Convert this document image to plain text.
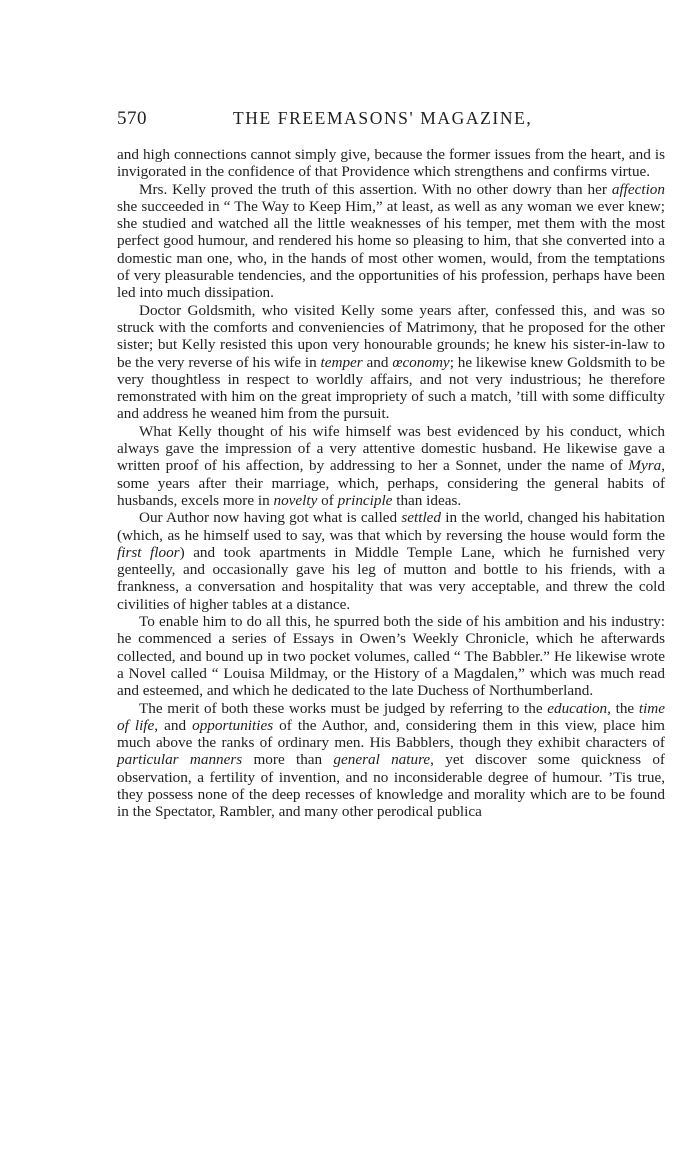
570	THE FREEMASONS' MAGAZINE,

and high connections cannot simply give, because the former issues from the heart, and is invigorated in the confidence of that Providence which strengthens and confirms virtue.

Mrs. Kelly proved the truth of this assertion. With no other dowry than her affection she succeeded in “ The Way to Keep Him,” at least, as well as any woman we ever knew; she studied and watched all the little weaknesses of his temper, met them with the most perfect good humour, and rendered his home so pleasing to him, that she converted into a domestic man one, who, in the hands of most other women, would, from the temptations of very pleasurable tendencies, and the opportunities of his profession, perhaps have been led into much dissipation.

Doctor Goldsmith, who visited Kelly some years after, confessed this, and was so struck with the comforts and conveniencies of Matrimony, that he proposed for the other sister; but Kelly resisted this upon very honourable grounds; he knew his sister-in-law to be the very reverse of his wife in temper and œconomy; he likewise knew Goldsmith to be very thoughtless in respect to worldly affairs, and not very industrious; he therefore remonstrated with him on the great impropriety of such a match, ’till with some difficulty and address he weaned him from the pursuit.

What Kelly thought of his wife himself was best evidenced by his conduct, which always gave the impression of a very attentive domestic husband. He likewise gave a written proof of his affection, by addressing to her a Sonnet, under the name of Myra, some years after their marriage, which, perhaps, considering the general habits of husbands, excels more in novelty of principle than ideas.

Our Author now having got what is called settled in the world, changed his habitation (which, as he himself used to say, was that which by reversing the house would form the first floor) and took apartments in Middle Temple Lane, which he furnished very genteelly, and occasionally gave his leg of mutton and bottle to his friends, with a frankness, a conversation and hospitality that was very acceptable, and threw the cold civilities of higher tables at a distance.

To enable him to do all this, he spurred both the side of his ambition and his industry: he commenced a series of Essays in Owen’s Weekly Chronicle, which he afterwards collected, and bound up in two pocket volumes, called “ The Babbler.” He likewise wrote a Novel called “ Louisa Mildmay, or the History of a Magdalen,” which was much read and esteemed, and which he dedicated to the late Duchess of Northumberland.

The merit of both these works must be judged by referring to the education, the time of life, and opportunities of the Author, and, considering them in this view, place him much above the ranks of ordinary men. His Babblers, though they exhibit characters of particular manners more than general nature, yet discover some quickness of observation, a fertility of invention, and no inconsiderable degree of humour. ’Tis true, they possess none of the deep recesses of knowledge and morality which are to be found in the Spectator, Rambler, and many other perodical publica
